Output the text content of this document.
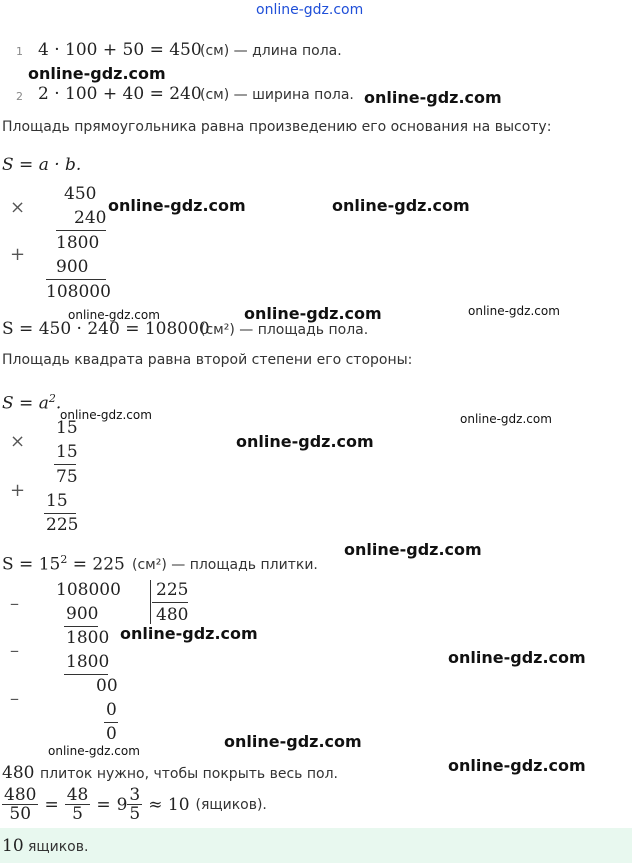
online-gdz.com
1 4 · 100 + 50 = 450
(см) — длина пола.
2 2 · 100 + 40 = 240
(см) — ширина пола.
Площадь прямоугольника равна произведению его основания на высоту:
S = a · b.
×
450
240
1800
+
900
108000
S = 450 · 240 = 108000
(см²) — площадь пола.
Площадь квадрата равна второй степени его стороны:
$S = a^2$.
×
15
15
75
+ 15
225
$S = 15^2 = 225$ (см²) — площадь плитки.
–
108000 225
480
900
1800
–
1800
00
–
0
0
480 плиток нужно, чтобы покрыть весь пол.
$\frac{480}{50} = \frac{48}{5} = 9 \frac{3}{5} \approx 10$ (ящиков).
10 ящиков.
online-gdz.com
online-gdz.com
online-gdz.com	online-gdz.com
online-gdz.com	online-gdz.com	online-gdz.com
online-gdz.com	online-gdz.com
online-gdz.com
online-gdz.com
online-gdz.com
online-gdz.com
online-gdz.com	online-gdz.com
online-gdz.com
